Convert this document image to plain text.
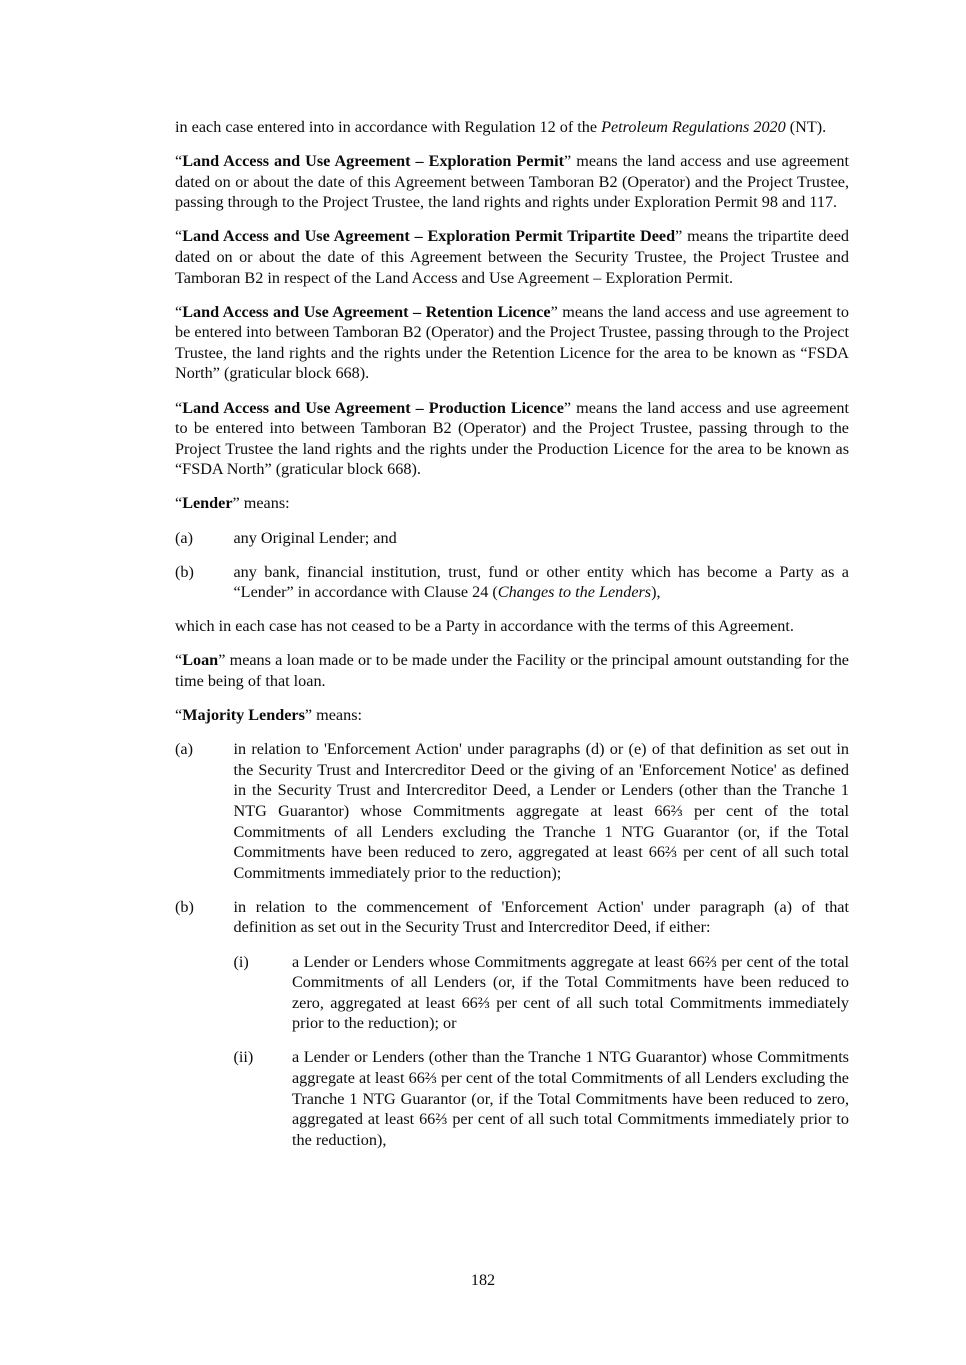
in each case entered into in accordance with Regulation 12 of the Petroleum Regulations 2020 (NT).
“Land Access and Use Agreement – Exploration Permit” means the land access and use agreement dated on or about the date of this Agreement between Tamboran B2 (Operator) and the Project Trustee, passing through to the Project Trustee, the land rights and rights under Exploration Permit 98 and 117.
“Land Access and Use Agreement – Exploration Permit Tripartite Deed” means the tripartite deed dated on or about the date of this Agreement between the Security Trustee, the Project Trustee and Tamboran B2 in respect of the Land Access and Use Agreement – Exploration Permit.
“Land Access and Use Agreement – Retention Licence” means the land access and use agreement to be entered into between Tamboran B2 (Operator) and the Project Trustee, passing through to the Project Trustee, the land rights and the rights under the Retention Licence for the area to be known as “FSDA North” (graticular block 668).
“Land Access and Use Agreement – Production Licence” means the land access and use agreement to be entered into between Tamboran B2 (Operator) and the Project Trustee, passing through to the Project Trustee the land rights and the rights under the Production Licence for the area to be known as “FSDA North” (graticular block 668).
“Lender” means:
(a)	any Original Lender; and
(b)	any bank, financial institution, trust, fund or other entity which has become a Party as a “Lender” in accordance with Clause 24 (Changes to the Lenders),
which in each case has not ceased to be a Party in accordance with the terms of this Agreement.
“Loan” means a loan made or to be made under the Facility or the principal amount outstanding for the time being of that loan.
“Majority Lenders” means:
(a)	in relation to 'Enforcement Action' under paragraphs (d) or (e) of that definition as set out in the Security Trust and Intercreditor Deed or the giving of an 'Enforcement Notice' as defined in the Security Trust and Intercreditor Deed, a Lender or Lenders (other than the Tranche 1 NTG Guarantor) whose Commitments aggregate at least 66⅔ per cent of the total Commitments of all Lenders excluding the Tranche 1 NTG Guarantor (or, if the Total Commitments have been reduced to zero, aggregated at least 66⅔ per cent of all such total Commitments immediately prior to the reduction);
(b)	in relation to the commencement of 'Enforcement Action' under paragraph (a) of that definition as set out in the Security Trust and Intercreditor Deed, if either:
(i)	a Lender or Lenders whose Commitments aggregate at least 66⅔ per cent of the total Commitments of all Lenders (or, if the Total Commitments have been reduced to zero, aggregated at least 66⅔ per cent of all such total Commitments immediately prior to the reduction); or
(ii)	a Lender or Lenders (other than the Tranche 1 NTG Guarantor) whose Commitments aggregate at least 66⅔ per cent of the total Commitments of all Lenders excluding the Tranche 1 NTG Guarantor (or, if the Total Commitments have been reduced to zero, aggregated at least 66⅔ per cent of all such total Commitments immediately prior to the reduction),
182
